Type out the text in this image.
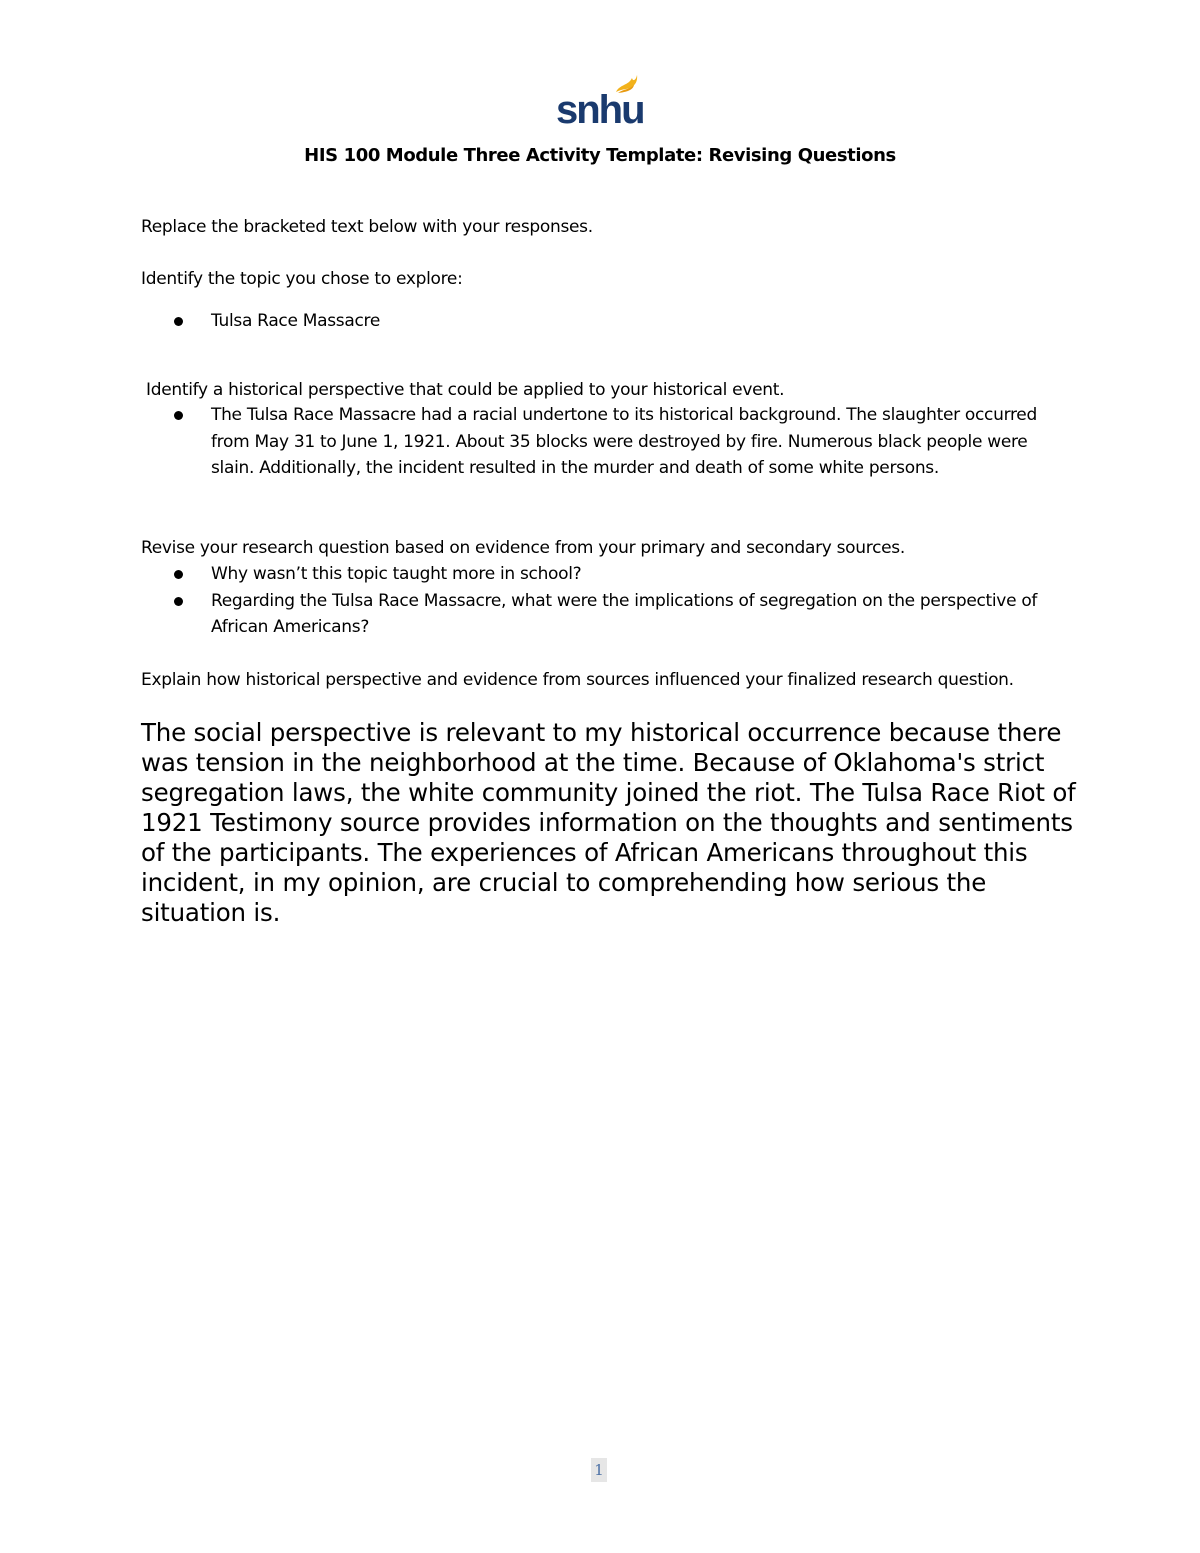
snhu
HIS 100 Module Three Activity Template: Revising Questions
Replace the bracketed text below with your responses.
Identify the topic you chose to explore:
Tulsa Race Massacre
Identify a historical perspective that could be applied to your historical event.
The Tulsa Race Massacre had a racial undertone to its historical background. The slaughter occurred from May 31 to June 1, 1921. About 35 blocks were destroyed by fire. Numerous black people were slain. Additionally, the incident resulted in the murder and death of some white persons.
Revise your research question based on evidence from your primary and secondary sources.
Why wasn’t this topic taught more in school?
Regarding the Tulsa Race Massacre, what were the implications of segregation on the perspective of African Americans?
Explain how historical perspective and evidence from sources influenced your finalized research question.
The social perspective is relevant to my historical occurrence because there was tension in the neighborhood at the time. Because of Oklahoma's strict segregation laws, the white community joined the riot. The Tulsa Race Riot of 1921 Testimony source provides information on the thoughts and sentiments of the participants. The experiences of African Americans throughout this incident, in my opinion, are crucial to comprehending how serious the situation is.
1
